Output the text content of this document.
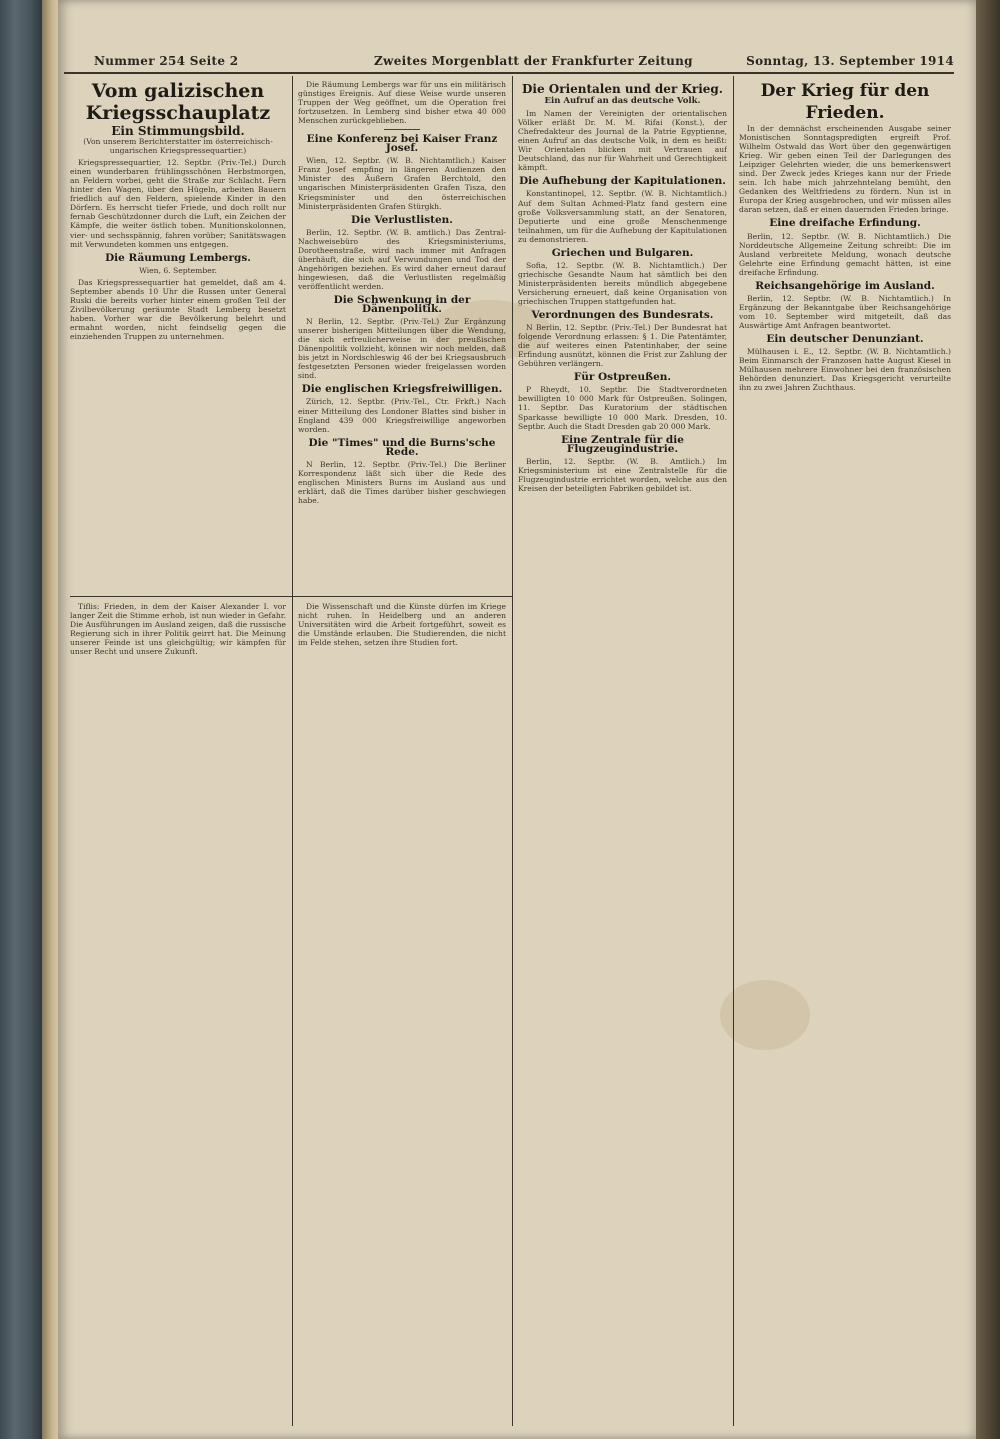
Nummer 254 Seite 2	Zweites Morgenblatt der Frankfurter Zeitung	Sonntag, 13. September 1914

Vom galizischen Kriegsschauplatz

Ein Stimmungsbild.
(Von unserem Berichterstatter im österreichisch-ungarischen Kriegspressequartier.)

Kriegspressequartier, 12. Septbr. (Priv.-Tel.) Durch einen wunderbaren frühlingsschönen Herbstmorgen, an Feldern vorbei, geht die Straße zur Schlacht. Fern hinter den Wagen, über den Hügeln, arbeiten Bauern friedlich auf den Feldern, spielende Kinder in den Dörfern. Es herrscht tiefer Friede, und doch rollt nur fernab Geschützdonner durch die Luft, ein Zeichen der Kämpfe, die weiter östlich toben. Munitionskolonnen, vier- und sechsspännig, fahren vorüber; Sanitätswagen mit Verwundeten kommen uns entgegen.

Die Räumung Lembergs.
Wien, 6. September.

Das Kriegspressequartier hat gemeldet, daß am 4. September abends 10 Uhr die Russen unter General Ruski die bereits vorher hinter einem großen Teil der Zivilbevölkerung geräumte Stadt Lemberg besetzt haben. Vorher war die Bevölkerung belehrt und ermahnt worden, nicht feindselig gegen die einziehenden Truppen zu unternehmen.

Die Räumung Lembergs war für uns ein militärisch günstiges Ereignis. Auf diese Weise wurde unseren Truppen der Weg geöffnet, um die Operation frei fortzusetzen. In Lemberg sind bisher etwa 40 000 Menschen zurückgeblieben.

Eine Konferenz bei Kaiser Franz Josef.

Wien, 12. Septbr. (W. B. Nichtamtlich.) Kaiser Franz Josef empfing in längeren Audienzen den Minister des Äußern Grafen Berchtold, den ungarischen Ministerpräsidenten Grafen Tisza, den Kriegsminister und den österreichischen Ministerpräsidenten Grafen Stürgkh.

Die Verlustlisten.

Berlin, 12. Septbr. (W. B. amtlich.) Das Zentral-Nachweisebüro des Kriegsministeriums, Dorotheenstraße, wird nach immer mit Anfragen überhäuft, die sich auf Verwundungen und Tod der Angehörigen beziehen. Es wird daher erneut darauf hingewiesen, daß die Verlustlisten regelmäßig veröffentlicht werden.

Die Schwenkung in der Dänenpolitik.

N Berlin, 12. Septbr. (Priv.-Tel.) Zur Ergänzung unserer bisherigen Mitteilungen über die Wendung, die sich erfreulicherweise in der preußischen Dänenpolitik vollzieht, können wir noch melden, daß bis jetzt in Nordschleswig 46 der bei Kriegsausbruch festgesetzten Personen wieder freigelassen worden sind.

Die englischen Kriegsfreiwilligen.

Zürich, 12. Septbr. (Priv.-Tel., Ctr. Frkft.) Nach einer Mitteilung des Londoner Blattes sind bisher in England 439 000 Kriegsfreiwillige angeworben worden.

Die "Times" und die Burns'sche Rede.

N Berlin, 12. Septbr. (Priv.-Tel.) Die Berliner Korrespondenz läßt sich über die Rede des englischen Ministers Burns im Ausland aus und erklärt, daß die Times darüber bisher geschwiegen habe.

Tiflis: Frieden, in dem der Kaiser Alexander I. vor langer Zeit die Stimme erhob, ist nun wieder in Gefahr. Die Ausführungen im Ausland zeigen, daß die russische Regierung sich in ihrer Politik geirrt hat. Die Meinung unserer Feinde ist uns gleichgültig; wir kämpfen für unser Recht und unsere Zukunft.

Die Wissenschaft und die Künste dürfen im Kriege nicht ruhen. In Heidelberg und an anderen Universitäten wird die Arbeit fortgeführt, soweit es die Umstände erlauben. Die Studierenden, die nicht im Felde stehen, setzen ihre Studien fort.

Die Orientalen und der Krieg.
Ein Aufruf an das deutsche Volk.

Im Namen der Vereinigten der orientalischen Völker erläßt Dr. M. M. Rifai (Konst.), der Chefredakteur des Journal de la Patrie Egyptienne, einen Aufruf an das deutsche Volk, in dem es heißt: Wir Orientalen blicken mit Vertrauen auf Deutschland, das nur für Wahrheit und Gerechtigkeit kämpft.

Die Aufhebung der Kapitulationen.

Konstantinopel, 12. Septbr. (W. B. Nichtamtlich.) Auf dem Sultan Achmed-Platz fand gestern eine große Volksversammlung statt, an der Senatoren, Deputierte und eine große Menschenmenge teilnahmen, um für die Aufhebung der Kapitulationen zu demonstrieren.

Griechen und Bulgaren.

Sofia, 12. Septbr. (W. B. Nichtamtlich.) Der griechische Gesandte Naum hat sämtlich bei den Ministerpräsidenten bereits mündlich abgegebene Versicherung erneuert, daß keine Organisation von griechischen Truppen stattgefunden hat.

Verordnungen des Bundesrats.

N Berlin, 12. Septbr. (Priv.-Tel.) Der Bundesrat hat folgende Verordnung erlassen: § 1. Die Patentämter, die auf weiteres einen Patentinhaber, der seine Erfindung ausnützt, können die Frist zur Zahlung der Gebühren verlängern.

Für Ostpreußen.

P Rheydt, 10. Septbr. Die Stadtverordneten bewilligten 10 000 Mark für Ostpreußen. Solingen, 11. Septbr. Das Kuratorium der städtischen Sparkasse bewilligte 10 000 Mark. Dresden, 10. Septbr. Auch die Stadt Dresden gab 20 000 Mark.

Eine Zentrale für die Flugzeugindustrie.

Berlin, 12. Septbr. (W. B. Amtlich.) Im Kriegsministerium ist eine Zentralstelle für die Flugzeugindustrie errichtet worden, welche aus den Kreisen der beteiligten Fabriken gebildet ist.

Der Krieg für den Frieden.

In der demnächst erscheinenden Ausgabe seiner Monistischen Sonntagspredigten ergreift Prof. Wilhelm Ostwald das Wort über den gegenwärtigen Krieg. Wir geben einen Teil der Darlegungen des Leipziger Gelehrten wieder, die uns bemerkenswert sind. Der Zweck jedes Krieges kann nur der Friede sein. Ich habe mich jahrzehntelang bemüht, den Gedanken des Weltfriedens zu fördern. Nun ist in Europa der Krieg ausgebrochen, und wir müssen alles daran setzen, daß er einen dauernden Frieden bringe.

Eine dreifache Erfindung.

Berlin, 12. Septbr. (W. B. Nichtamtlich.) Die Norddeutsche Allgemeine Zeitung schreibt: Die im Ausland verbreitete Meldung, wonach deutsche Gelehrte eine Erfindung gemacht hätten, ist eine dreifache Erfindung.

Reichsangehörige im Ausland.

Berlin, 12. Septbr. (W. B. Nichtamtlich.) In Ergänzung der Bekanntgabe über Reichsangehörige vom 10. September wird mitgeteilt, daß das Auswärtige Amt Anfragen beantwortet.

Ein deutscher Denunziant.

Mülhausen i. E., 12. Septbr. (W. B. Nichtamtlich.) Beim Einmarsch der Franzosen hatte August Kiesel in Mülhausen mehrere Einwohner bei den französischen Behörden denunziert. Das Kriegsgericht verurteilte ihn zu zwei Jahren Zuchthaus.
